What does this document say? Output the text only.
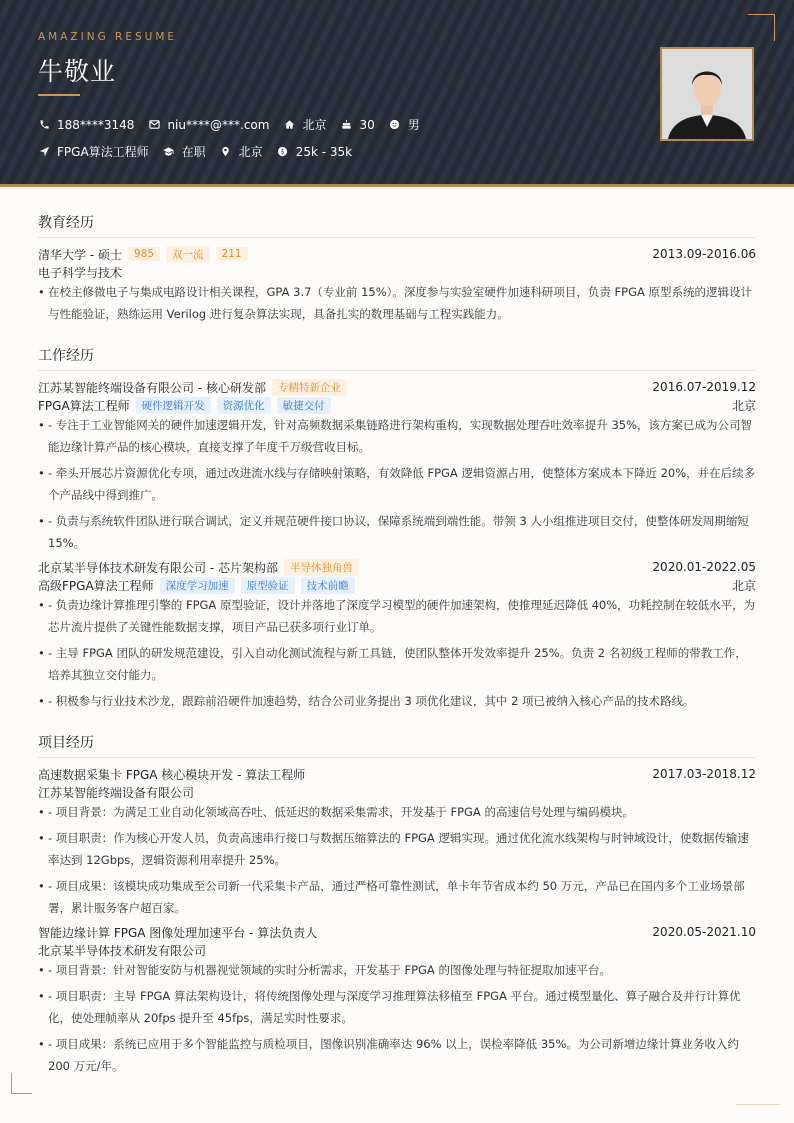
AMAZING RESUME
牛敬业
188****3148	niu****@***.com	北京	30	男
FPGA算法工程师	在职	北京 $ 25k - 35k
教育经历
清华大学 - 硕士	985	双一流	211	2013.09-2016.06
电子科学与技术
• 在校主修微电子与集成电路设计相关课程，GPA 3.7（专业前 15%）。深度参与实验室硬件加速科研项目，负责 FPGA 原型系统的逻辑设计与性能验证，熟练运用 Verilog 进行复杂算法实现，具备扎实的数理基础与工程实践能力。
工作经历
江苏某智能终端设备有限公司 - 核心研发部	专精特新企业	2016.07-2019.12
FPGA算法工程师	硬件逻辑开发	资源优化	敏捷交付	北京
• - 专注于工业智能网关的硬件加速逻辑开发，针对高频数据采集链路进行架构重构，实现数据处理吞吐效率提升 35%，该方案已成为公司智能边缘计算产品的核心模块，直接支撑了年度千万级营收目标。
• - 牵头开展芯片资源优化专项，通过改进流水线与存储映射策略，有效降低 FPGA 逻辑资源占用，使整体方案成本下降近 20%，并在后续多个产品线中得到推广。
• - 负责与系统软件团队进行联合调试，定义并规范硬件接口协议，保障系统端到端性能。带领 3 人小组推进项目交付，使整体研发周期缩短 15%。
北京某半导体技术研发有限公司 - 芯片架构部	半导体独角兽	2020.01-2022.05
高级FPGA算法工程师	深度学习加速	原型验证	技术前瞻	北京
• - 负责边缘计算推理引擎的 FPGA 原型验证，设计并落地了深度学习模型的硬件加速架构，使推理延迟降低 40%，功耗控制在较低水平，为芯片流片提供了关键性能数据支撑，项目产品已获多项行业订单。
• - 主导 FPGA 团队的研发规范建设，引入自动化测试流程与新工具链，使团队整体开发效率提升 25%。负责 2 名初级工程师的带教工作，培养其独立交付能力。
• - 积极参与行业技术沙龙，跟踪前沿硬件加速趋势，结合公司业务提出 3 项优化建议，其中 2 项已被纳入核心产品的技术路线。
项目经历
高速数据采集卡 FPGA 核心模块开发 - 算法工程师	2017.03-2018.12
江苏某智能终端设备有限公司
• - 项目背景：为满足工业自动化领域高吞吐、低延迟的数据采集需求，开发基于 FPGA 的高速信号处理与编码模块。
• - 项目职责：作为核心开发人员，负责高速串行接口与数据压缩算法的 FPGA 逻辑实现。通过优化流水线架构与时钟域设计，使数据传输速率达到 12Gbps，逻辑资源利用率提升 25%。
• - 项目成果：该模块成功集成至公司新一代采集卡产品，通过严格可靠性测试，单卡年节省成本约 50 万元，产品已在国内多个工业场景部署，累计服务客户超百家。
智能边缘计算 FPGA 图像处理加速平台 - 算法负责人	2020.05-2021.10
北京某半导体技术研发有限公司
• - 项目背景：针对智能安防与机器视觉领域的实时分析需求，开发基于 FPGA 的图像处理与特征提取加速平台。
• - 项目职责：主导 FPGA 算法架构设计，将传统图像处理与深度学习推理算法移植至 FPGA 平台。通过模型量化、算子融合及并行计算优化，使处理帧率从 20fps 提升至 45fps，满足实时性要求。
• - 项目成果：系统已应用于多个智能监控与质检项目，图像识别准确率达 96% 以上，误检率降低 35%。为公司新增边缘计算业务收入约 200 万元/年。
